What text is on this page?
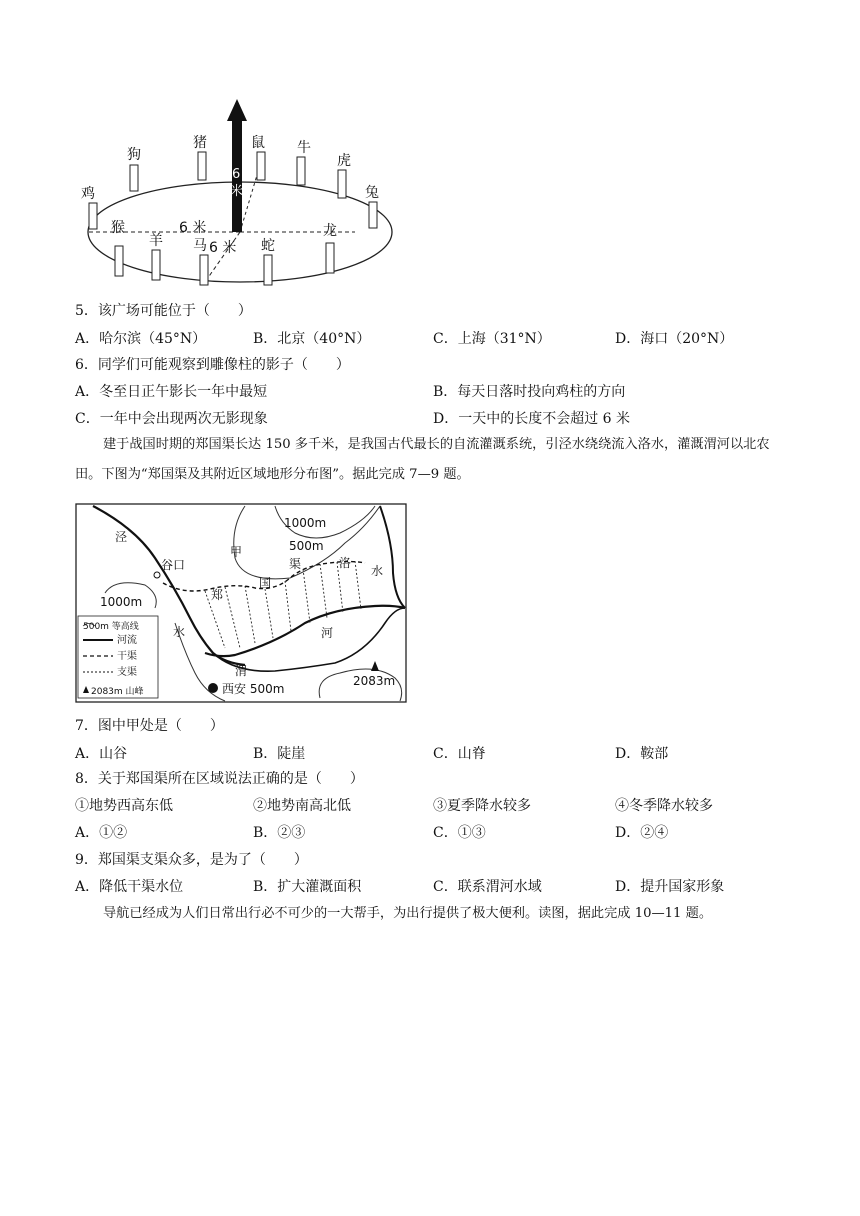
狗
猪	鼠 牛
虎
兔
鸡
猴
羊 马	蛇
龙
6 米
6 米
6
米
5．该广场可能位于（　　）
A．哈尔滨（45°N）	B．北京（40°N）	C．上海（31°N）	D．海口（20°N）
6．同学们可能观察到雕像柱的影子（　　）
A．冬至日正午影长一年中最短	B．每天日落时投向鸡柱的方向
C．一年中会出现两次无影现象	D．一天中的长度不会超过 6 米
建于战国时期的郑国渠长达 150 多千米，是我国古代最长的自流灌溉系统，引泾水绕绕流入洛水，灌溉渭河以北农田。下图为“郑国渠及其附近区域地形分布图”。据此完成 7—9 题。
500m 等高线
河流
干渠
支渠
2083m 山峰
1000m
500m
1000m
泾
谷口
甲
郑
国
渠	洛
水
水	河
渭
西安 500m
2083m
7．图中甲处是（　　）
A．山谷	B．陡崖	C．山脊	D．鞍部
8．关于郑国渠所在区域说法正确的是（　　）
①地势西高东低	②地势南高北低	③夏季降水较多	④冬季降水较多
A．①②	B．②③	C．①③	D．②④
9．郑国渠支渠众多，是为了（　　）
A．降低干渠水位	B．扩大灌溉面积	C．联系渭河水域	D．提升国家形象
导航已经成为人们日常出行必不可少的一大帮手，为出行提供了极大便利。读图，据此完成 10—11 题。
